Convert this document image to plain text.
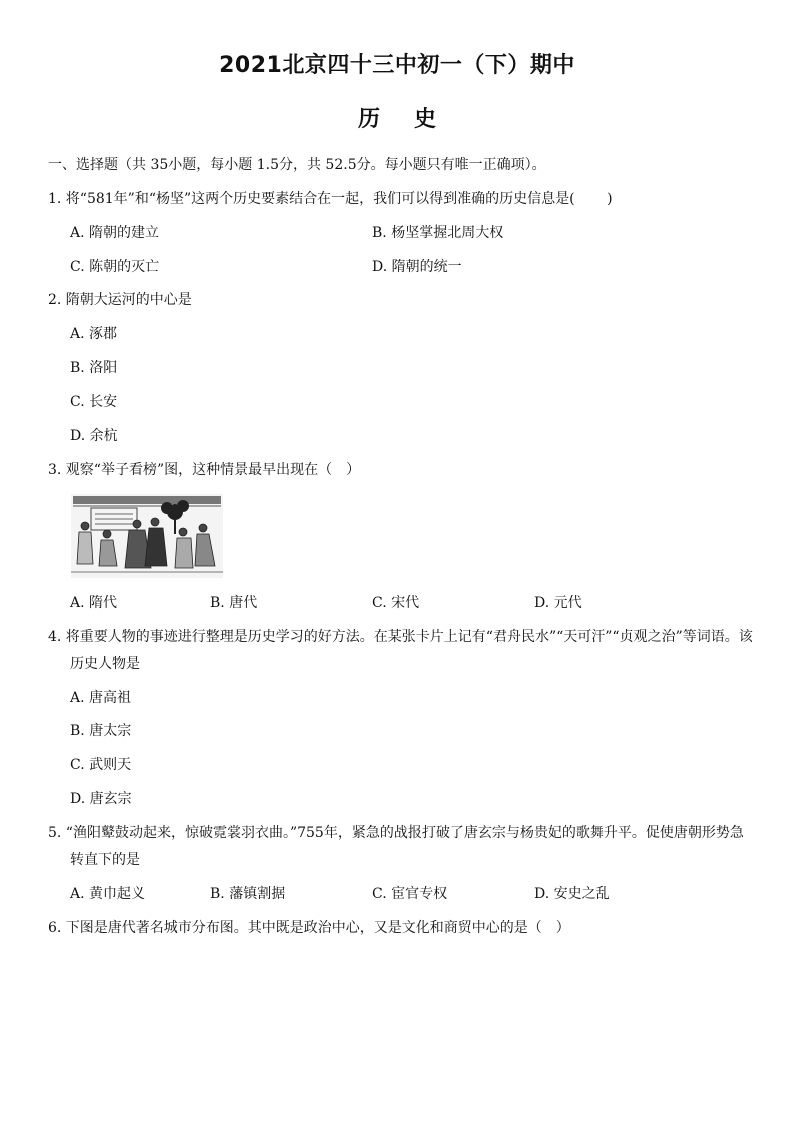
2021北京四十三中初一（下）期中
历史
一、选择题（共 35小题，每小题 1.5分，共 52.5分。每小题只有唯一正确项）。
1. 将“581年”和“杨坚”这两个历史要素结合在一起，我们可以得到准确的历史信息是(　　 )
A. 隋朝的建立	B. 杨坚掌握北周大权
C. 陈朝的灭亡	D. 隋朝的统一
2. 隋朝大运河的中心是
A. 涿郡
B. 洛阳
C. 长安
D. 余杭
3. 观察“举子看榜”图，这种情景最早出现在（　）
A. 隋代	B. 唐代	C. 宋代	D. 元代
4. 将重要人物的事迹进行整理是历史学习的好方法。在某张卡片上记有“君舟民水”“天可汗”“贞观之治”等词语。该
历史人物是
A. 唐高祖
B. 唐太宗
C. 武则天
D. 唐玄宗
5. “渔阳鼙鼓动起来，惊破霓裳羽衣曲。”755年，紧急的战报打破了唐玄宗与杨贵妃的歌舞升平。促使唐朝形势急
转直下的是
A. 黄巾起义	B. 藩镇割据	C. 宦官专权	D. 安史之乱
6. 下图是唐代著名城市分布图。其中既是政治中心，又是文化和商贸中心的是（　）
